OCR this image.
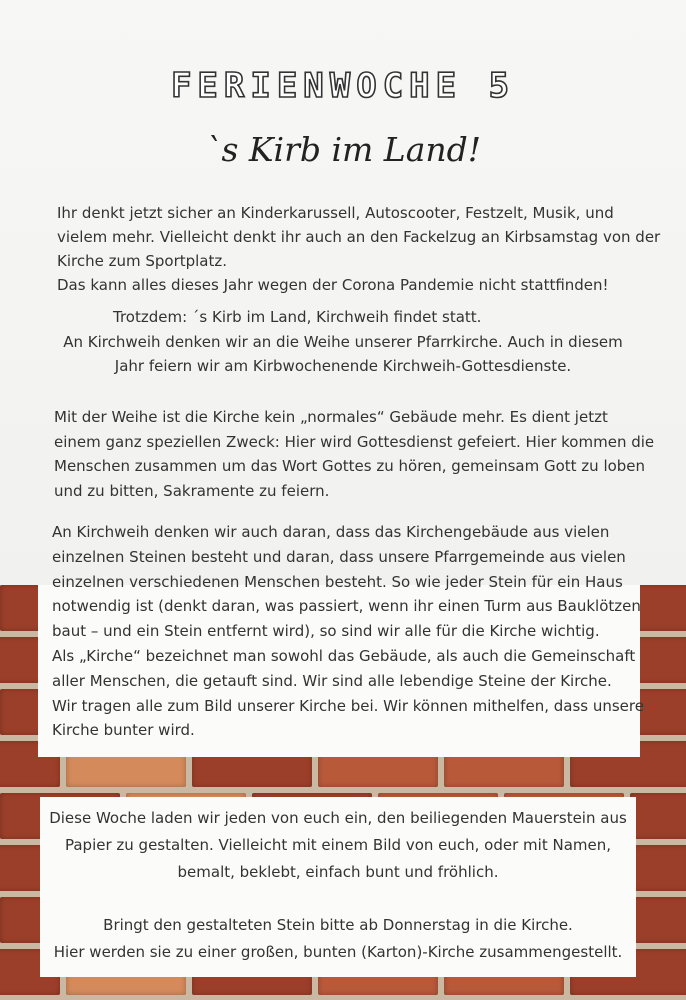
FERIENWOCHE 5
`s Kirb im Land!
Ihr denkt jetzt sicher an Kinderkarussell, Autoscooter, Festzelt, Musik, und
vielem mehr. Vielleicht denkt ihr auch an den Fackelzug an Kirbsamstag von der
Kirche zum Sportplatz.
Das kann alles dieses Jahr wegen der Corona Pandemie nicht stattfinden!
Trotzdem: ´s Kirb im Land, Kirchweih findet statt.
An Kirchweih denken wir an die Weihe unserer Pfarrkirche. Auch in diesem
Jahr feiern wir am Kirbwochenende Kirchweih-Gottesdienste.
Mit der Weihe ist die Kirche kein „normales“ Gebäude mehr. Es dient jetzt
einem ganz speziellen Zweck: Hier wird Gottesdienst gefeiert. Hier kommen die
Menschen zusammen um das Wort Gottes zu hören, gemeinsam Gott zu loben
und zu bitten, Sakramente zu feiern.
An Kirchweih denken wir auch daran, dass das Kirchengebäude aus vielen
einzelnen Steinen besteht und daran, dass unsere Pfarrgemeinde aus vielen
einzelnen verschiedenen Menschen besteht. So wie jeder Stein für ein Haus
notwendig ist (denkt daran, was passiert, wenn ihr einen Turm aus Bauklötzen
baut – und ein Stein entfernt wird), so sind wir alle für die Kirche wichtig.
Als „Kirche“ bezeichnet man sowohl das Gebäude, als auch die Gemeinschaft
aller Menschen, die getauft sind. Wir sind alle lebendige Steine der Kirche.
Wir tragen alle zum Bild unserer Kirche bei. Wir können mithelfen, dass unsere
Kirche bunter wird.
Diese Woche laden wir jeden von euch ein, den beiliegenden Mauerstein aus
Papier zu gestalten. Vielleicht mit einem Bild von euch, oder mit Namen,
bemalt, beklebt, einfach bunt und fröhlich.
Bringt den gestalteten Stein bitte ab Donnerstag in die Kirche.
Hier werden sie zu einer großen, bunten (Karton)-Kirche zusammengestellt.
